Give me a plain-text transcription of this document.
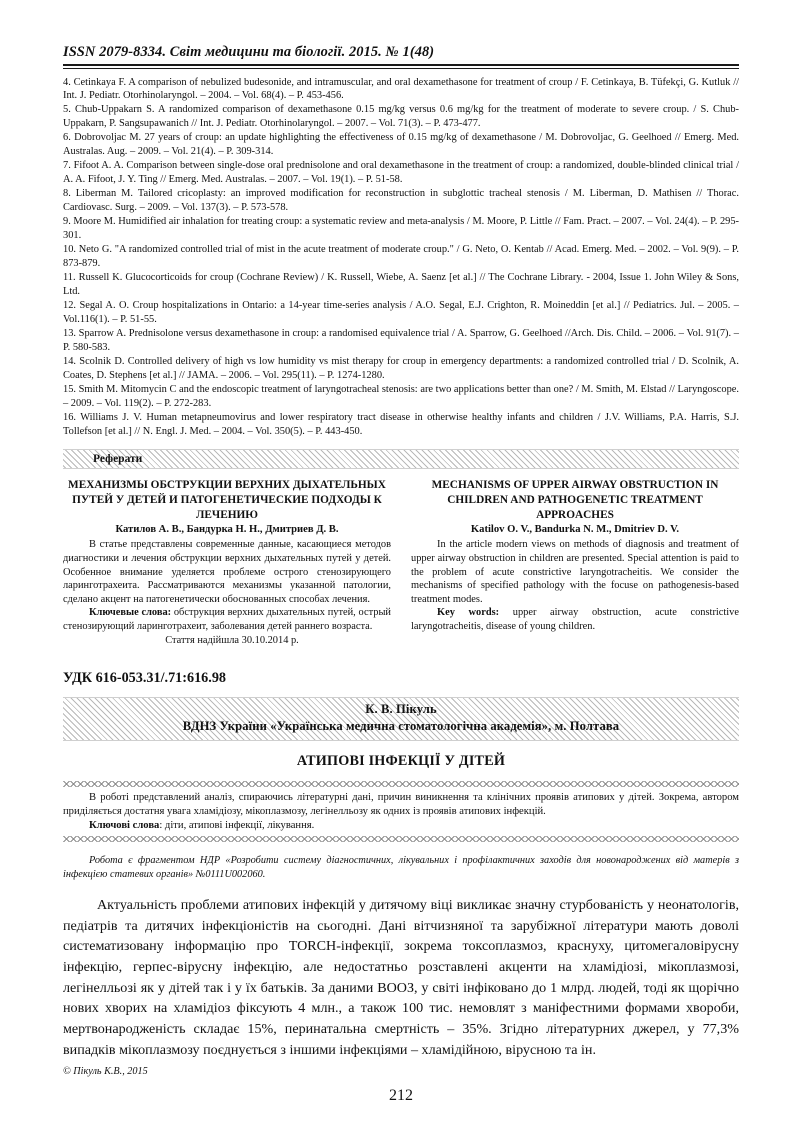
ISSN 2079-8334. Світ медицини та біології. 2015. № 1(48)

4. Cetinkaya F. A comparison of nebulized budesonide, and intramuscular, and oral dexamethasone for treatment of croup / F. Cetinkaya, B. Tüfekçi, G. Kutluk // Int. J. Pediatr. Otorhinolaryngol. – 2004. – Vol. 68(4). – P. 453-456.

5. Chub-Uppakarn S. A randomized comparison of dexamethasone 0.15 mg/kg versus 0.6 mg/kg for the treatment of moderate to severe croup. / S. Chub-Uppakarn, P. Sangsupawanich // Int. J. Pediatr. Otorhinolaryngol. – 2007. – Vol. 71(3). – P. 473-477.

6. Dobrovoljac M. 27 years of croup: an update highlighting the effectiveness of 0.15 mg/kg of dexamethasone / M. Dobrovoljac, G. Geelhoed // Emerg. Med. Australas. Aug. – 2009. – Vol. 21(4). – P. 309-314.

7. Fifoot A. A. Comparison between single-dose oral prednisolone and oral dexamethasone in the treatment of croup: a randomized, double-blinded clinical trial / A. A. Fifoot, J. Y. Ting // Emerg. Med. Australas. – 2007. – Vol. 19(1). – P. 51-58.

8. Liberman M. Tailored cricoplasty: an improved modification for reconstruction in subglottic tracheal stenosis / M. Liberman, D. Mathisen // Thorac. Cardiovasc. Surg. – 2009. – Vol. 137(3). – P. 573-578.

9. Moore M. Humidified air inhalation for treating croup: a systematic review and meta-analysis / M. Moore, P. Little // Fam. Pract. – 2007. – Vol. 24(4). – P. 295-301.

10. Neto G. "A randomized controlled trial of mist in the acute treatment of moderate croup." / G. Neto, O. Kentab // Acad. Emerg. Med. – 2002. – Vol. 9(9). – P. 873-879.

11. Russell K. Glucocorticoids for croup (Cochrane Review) / K. Russell, Wiebe, A. Saenz [et al.] // The Cochrane Library. - 2004, Issue 1. John Wiley & Sons, Ltd.

12. Segal A. O. Croup hospitalizations in Ontario: a 14-year time-series analysis / A.O. Segal, E.J. Crighton, R. Moineddin [et al.] // Pediatrics. Jul. – 2005. – Vol.116(1). – P. 51-55.

13. Sparrow A. Prednisolone versus dexamethasone in croup: a randomised equivalence trial / A. Sparrow, G. Geelhoed //Arch. Dis. Child. – 2006. – Vol. 91(7). – P. 580-583.

14. Scolnik D. Controlled delivery of high vs low humidity vs mist therapy for croup in emergency departments: a randomized controlled trial / D. Scolnik, A. Coates, D. Stephens [et al.] // JAMA. – 2006. – Vol. 295(11). – P. 1274-1280.

15. Smith M. Mitomycin C and the endoscopic treatment of laryngotracheal stenosis: are two applications better than one? / M. Smith, M. Elstad // Laryngoscope. – 2009. – Vol. 119(2). – P. 272-283.

16. Williams J. V. Human metapneumovirus and lower respiratory tract disease in otherwise healthy infants and children / J.V. Williams, P.A. Harris, S.J. Tollefson [et al.] // N. Engl. J. Med. – 2004. – Vol. 350(5). – P. 443-450.

Реферати
МЕХАНИЗМЫ ОБСТРУКЦИИ ВЕРХНИХ ДЫХАТЕЛЬНЫХ ПУТЕЙ У ДЕТЕЙ И ПАТОГЕНЕТИЧЕСКИЕ ПОДХОДЫ К ЛЕЧЕНИЮ
Катилов А. В., Бандурка Н. Н., Дмитриев Д. В.

В статье представлены современные данные, касающиеся методов диагностики и лечения обструкции верхних дыхательных путей у детей. Особенное внимание уделяется проблеме острого стенозирующего ларинготрахеита. Рассматриваются механизмы указанной патологии, сделано акцент на патогенетически обоснованных способах лечения.

Ключевые слова: обструкция верхних дыхательных путей, острый стенозирующий ларинготрахеит, заболевания детей раннего возраста.

MECHANISMS OF UPPER AIRWAY OBSTRUCTION IN CHILDREN AND PATHOGENETIC TREATMENT APPROACHES
Katilov O. V., Bandurka N. M., Dmitriev D. V.

In the article modern views on methods of diagnosis and treatment of upper airway obstruction in children are presented. Special attention is paid to the problem of acute constrictive laryngotracheitis. We consider the mechanisms of specified pathology with the focuse on pathogenesis-based treatment modes.

Key words: upper airway obstruction, acute constrictive laryngotracheitis, disease of young children.

Стаття надійшла 30.10.2014 р.
УДК 616-053.31/.71:616.98
К. В. Пікуль
ВДНЗ України «Українська медична стоматологічна академія», м. Полтава
АТИПОВІ ІНФЕКЦІЇ У ДІТЕЙ

В роботі представлений аналіз, спираючись літературні дані, причин виникнення та клінічних проявів атипових у дітей. Зокрема, автором приділяється достатня увага хламідіозу, мікоплазмозу, легінелльозу як одних із проявів атипових інфекцій.

Ключові слова: діти, атипові інфекції, лікування.

Робота є фрагментом НДР «Розробити систему діагностичних, лікувальних і профілактичних заходів для новонароджених від матерів з інфекцією статевих органів» №0111U002060.

Актуальність проблеми атипових інфекцій у дитячому віці викликає значну стурбованість у неонатологів, педіатрів та дитячих інфекціоністів на сьогодні. Дані вітчизняної та зарубіжної літератури мають доволі систематизовану інформацію про TORCH-інфекції, зокрема токсоплазмоз, краснуху, цитомегаловірусну інфекцію, герпес-вірусну інфекцію, але недостатньо розставлені акценти на хламідіозі, мікоплазмозі, легінелльозі як у дітей так і у їх батьків. За даними ВООЗ, у світі інфіковано до 1 млрд. людей, тоді як щорічно нових хворих на хламідіоз фіксують 4 млн., а також 100 тис. немовлят з маніфестними формами хвороби, мертвонародженість складає 15%, перинатальна смертність – 35%. Згідно літературних джерел, у 77,3% випадків мікоплазмозу поєднується з іншими інфекціями – хламідійною, вірусною та ін.

© Пікуль К.В., 2015
212
